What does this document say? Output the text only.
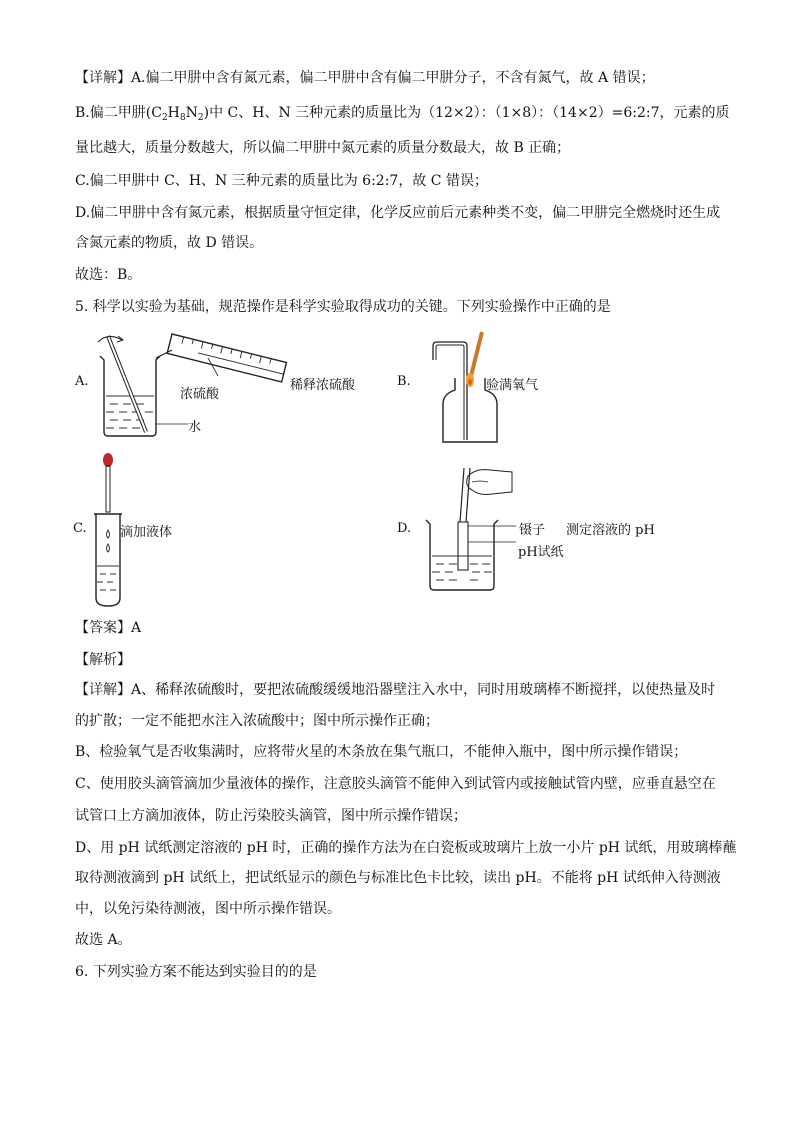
【详解】A.偏二甲肼中含有氮元素，偏二甲肼中含有偏二甲肼分子，不含有氮气，故 A 错误；
B.偏二甲肼$(C_2H_8N_2)$中 C、H、N 三种元素的质量比为（12×2）：（1×8）：（14×2）=6:2:7，元素的质
量比越大，质量分数越大，所以偏二甲肼中氮元素的质量分数最大，故 B 正确；
C.偏二甲肼中 C、H、N 三种元素的质量比为 6:2:7，故 C 错误；
D.偏二甲肼中含有氮元素，根据质量守恒定律，化学反应前后元素种类不变，偏二甲肼完全燃烧时还生成
含氮元素的物质，故 D 错误。
故选：B。
5. 科学以实验为基础，规范操作是科学实验取得成功的关键。下列实验操作中正确的是
A.
浓硫酸
稀释浓硫酸
水
B.	验满氧气
C.	滴加液体	D.	镊子 测定溶液的 pH
pH试纸
【答案】A
【解析】
【详解】A、稀释浓硫酸时，要把浓硫酸缓缓地沿器壁注入水中，同时用玻璃棒不断搅拌，以使热量及时
的扩散；一定不能把水注入浓硫酸中；图中所示操作正确；
B、检验氧气是否收集满时，应将带火星的木条放在集气瓶口，不能伸入瓶中，图中所示操作错误；
C、使用胶头滴管滴加少量液体的操作，注意胶头滴管不能伸入到试管内或接触试管内壁，应垂直悬空在
试管口上方滴加液体，防止污染胶头滴管，图中所示操作错误；
D、用 pH 试纸测定溶液的 pH 时，正确的操作方法为在白瓷板或玻璃片上放一小片 pH 试纸，用玻璃棒蘸
取待测液滴到 pH 试纸上，把试纸显示的颜色与标准比色卡比较，读出 pH。不能将 pH 试纸伸入待测液
中，以免污染待测液，图中所示操作错误。
故选 A。
6. 下列实验方案不能达到实验目的的是
